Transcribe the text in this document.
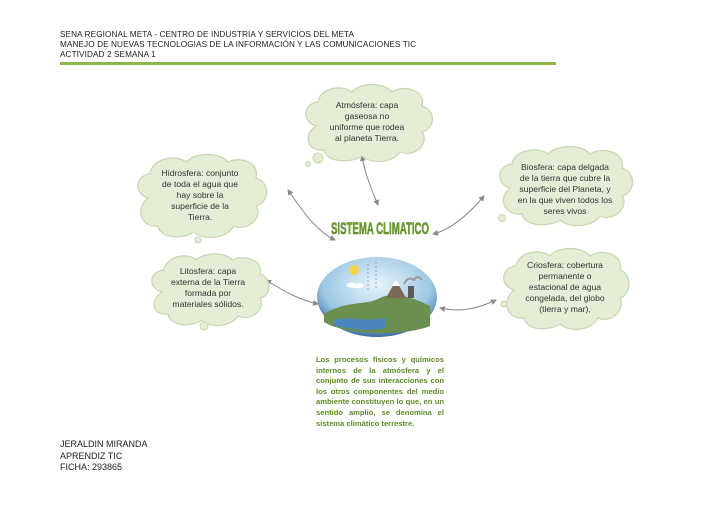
SENA REGIONAL META - CENTRO DE INDUSTRIA Y SERVICIOS DEL META
MANEJO DE NUEVAS TECNOLOGIAS DE LA INFORMACIÓN Y LAS COMUNICACIONES TIC
ACTIVIDAD 2 SEMANA 1
Atmósfera: capa
gaseosa no
uniforme que rodea
al planeta Tierra.
Hidrosfera: conjunto
de toda el agua que
hay sobre la
superficie de la
Tierra.
Biosfera: capa delgada
de la tierra que cubre la
superficie del Planeta, y
en la que viven todos los
seres vivos
Litosfera: capa
externa de la Tierra
formada por
materiales sólidos.
Criosfera: cobertura
permanente o
estacional de agua
congelada, del globo
(tierra y mar),
SISTEMA CLIMATICO
Los procesos físicos y químicos internos de la atmósfera y el conjunto de sus interacciones con los otros componentes del medio ambiente constituyen lo que, en un sentido amplio, se denomina el sistema climático terrestre.
JERALDIN MIRANDA
APRENDIZ TIC
FICHA: 293865
